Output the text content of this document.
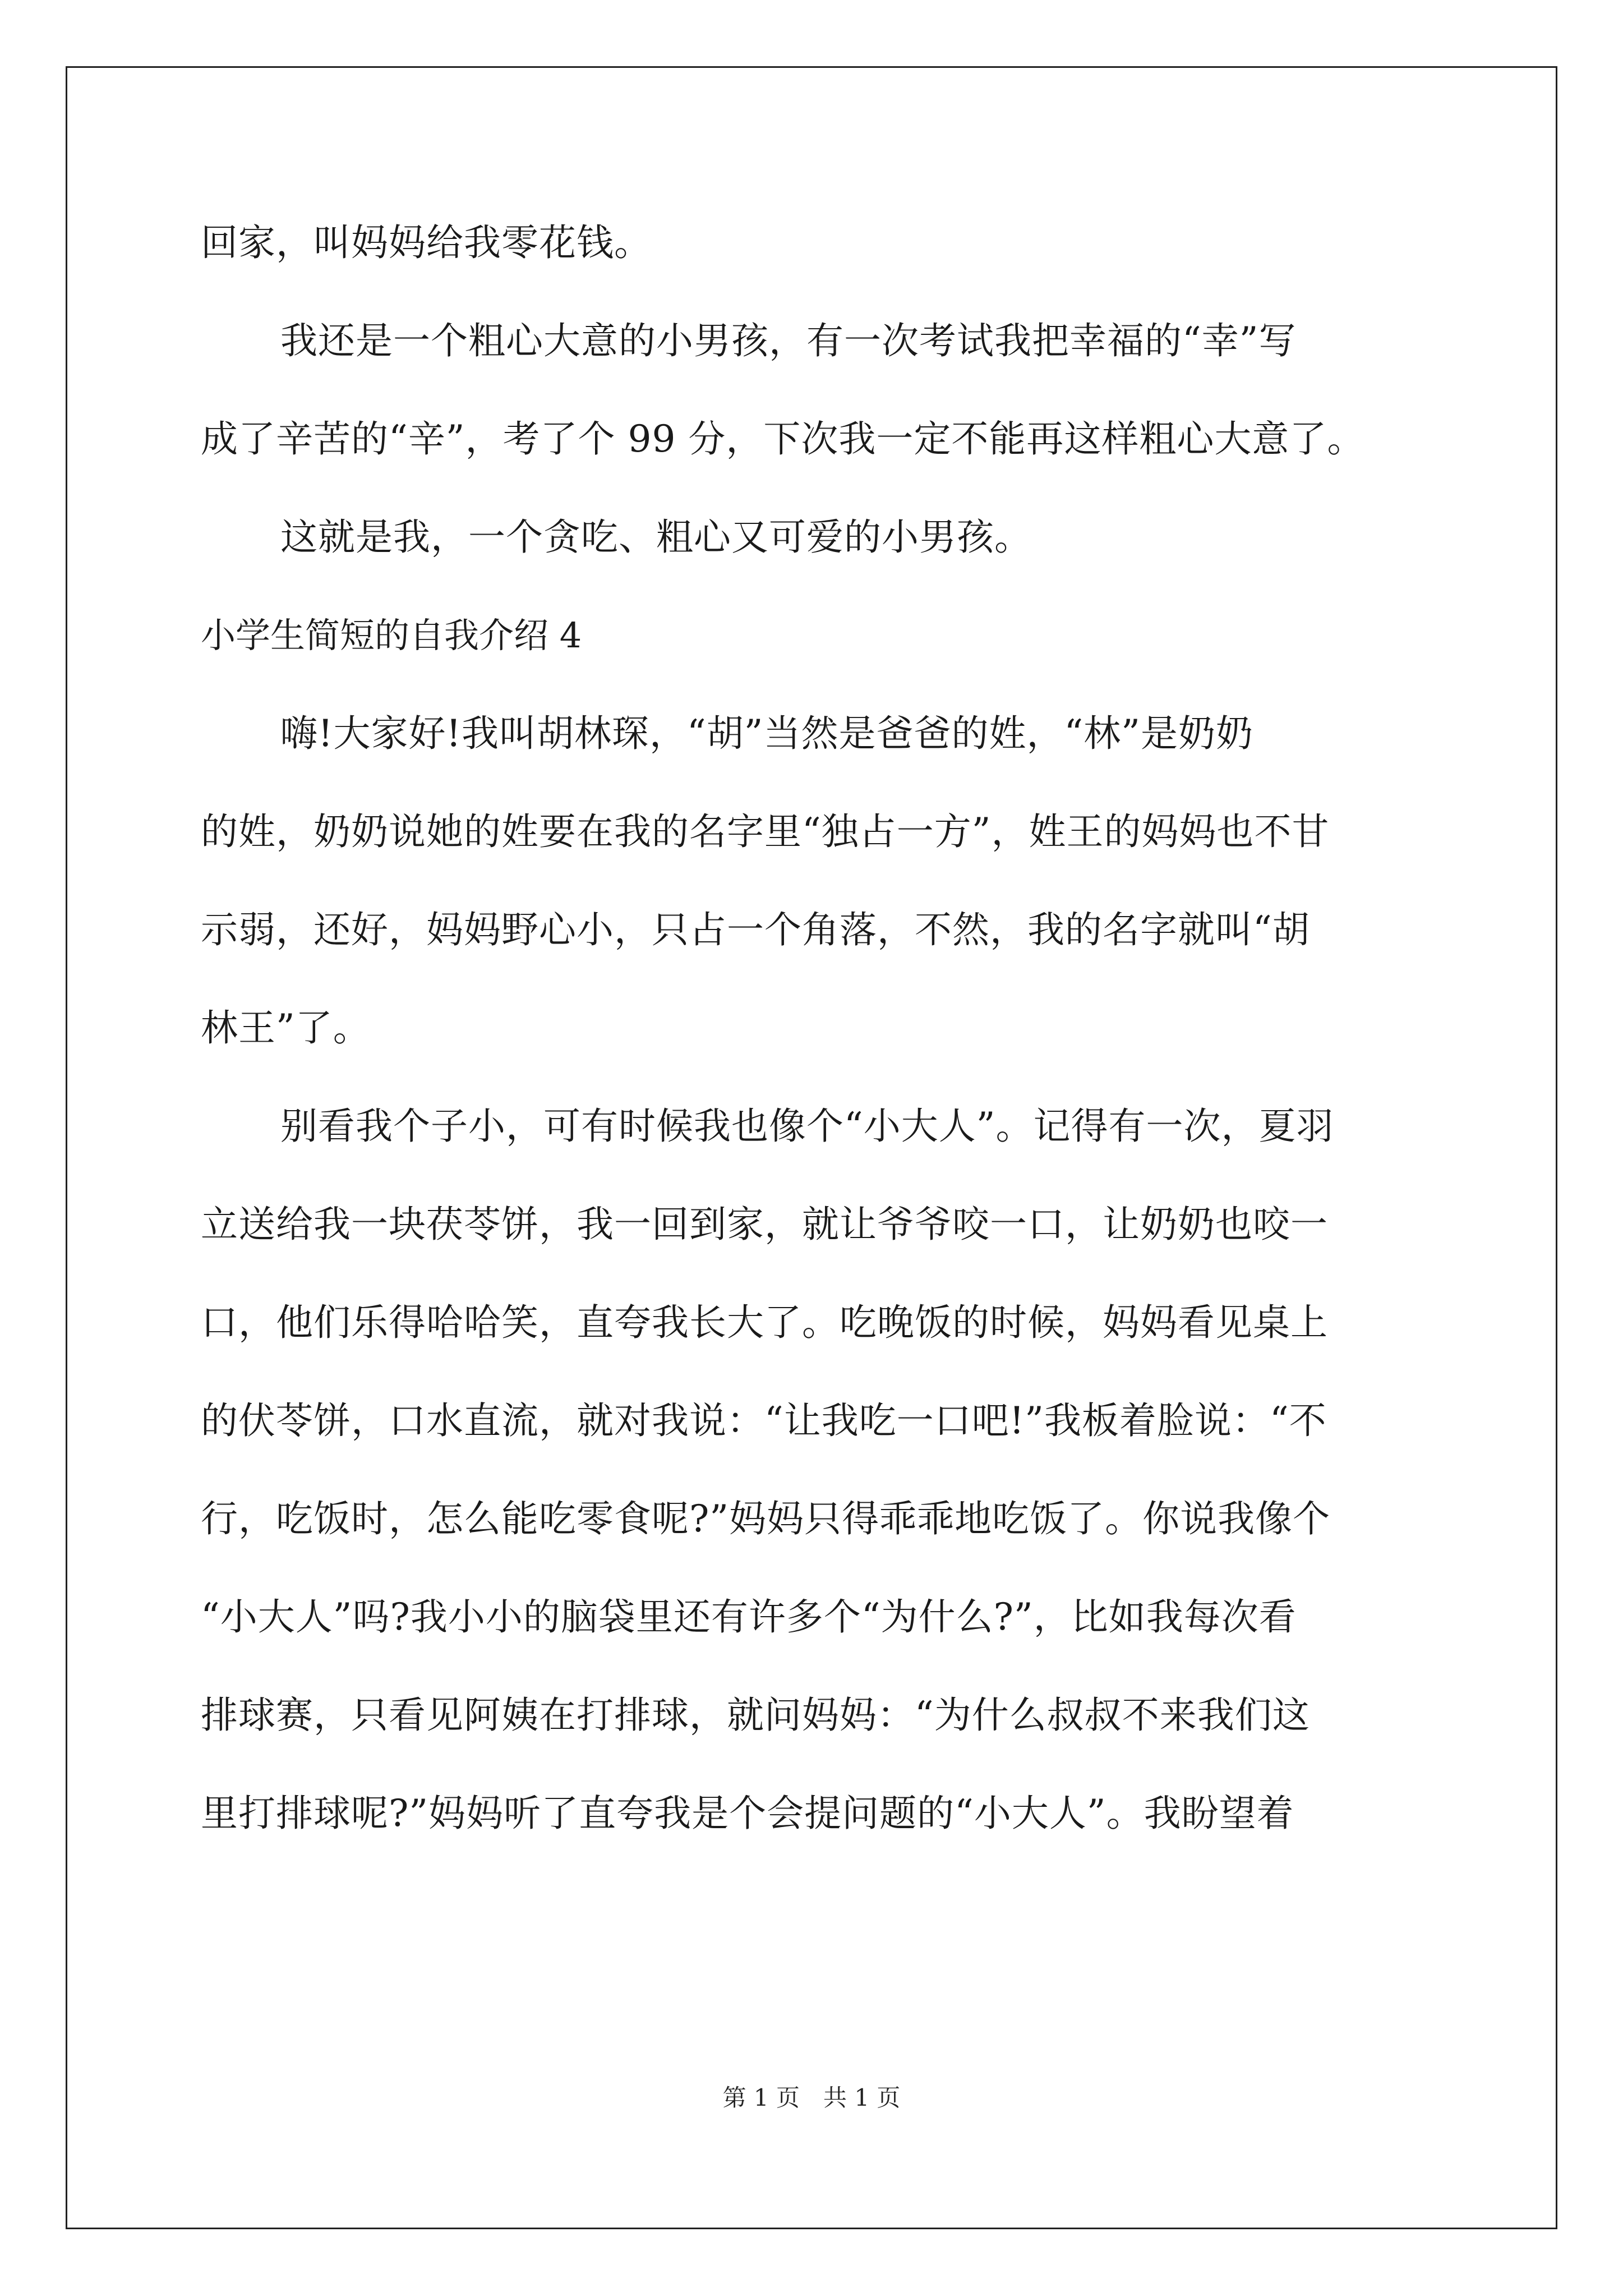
回家，叫妈妈给我零花钱。
我还是一个粗心大意的小男孩，有一次考试我把幸福的“幸”写
成了辛苦的“辛”，考了个 99 分，下次我一定不能再这样粗心大意了。
这就是我，一个贪吃、粗心又可爱的小男孩。
小学生简短的自我介绍 4
嗨!大家好!我叫胡林琛，“胡”当然是爸爸的姓，“林”是奶奶
的姓，奶奶说她的姓要在我的名字里“独占一方”，姓王的妈妈也不甘
示弱，还好，妈妈野心小，只占一个角落，不然，我的名字就叫“胡
林王”了。
别看我个子小，可有时候我也像个“小大人”。记得有一次，夏羽
立送给我一块茯苓饼，我一回到家，就让爷爷咬一口，让奶奶也咬一
口，他们乐得哈哈笑，直夸我长大了。吃晚饭的时候，妈妈看见桌上
的伏苓饼，口水直流，就对我说：“让我吃一口吧!”我板着脸说：“不
行，吃饭时，怎么能吃零食呢?”妈妈只得乖乖地吃饭了。你说我像个
“小大人”吗?我小小的脑袋里还有许多个“为什么?”，比如我每次看
排球赛，只看见阿姨在打排球，就问妈妈：“为什么叔叔不来我们这
里打排球呢?”妈妈听了直夸我是个会提问题的“小大人”。我盼望着
第 1 页　共 1 页
